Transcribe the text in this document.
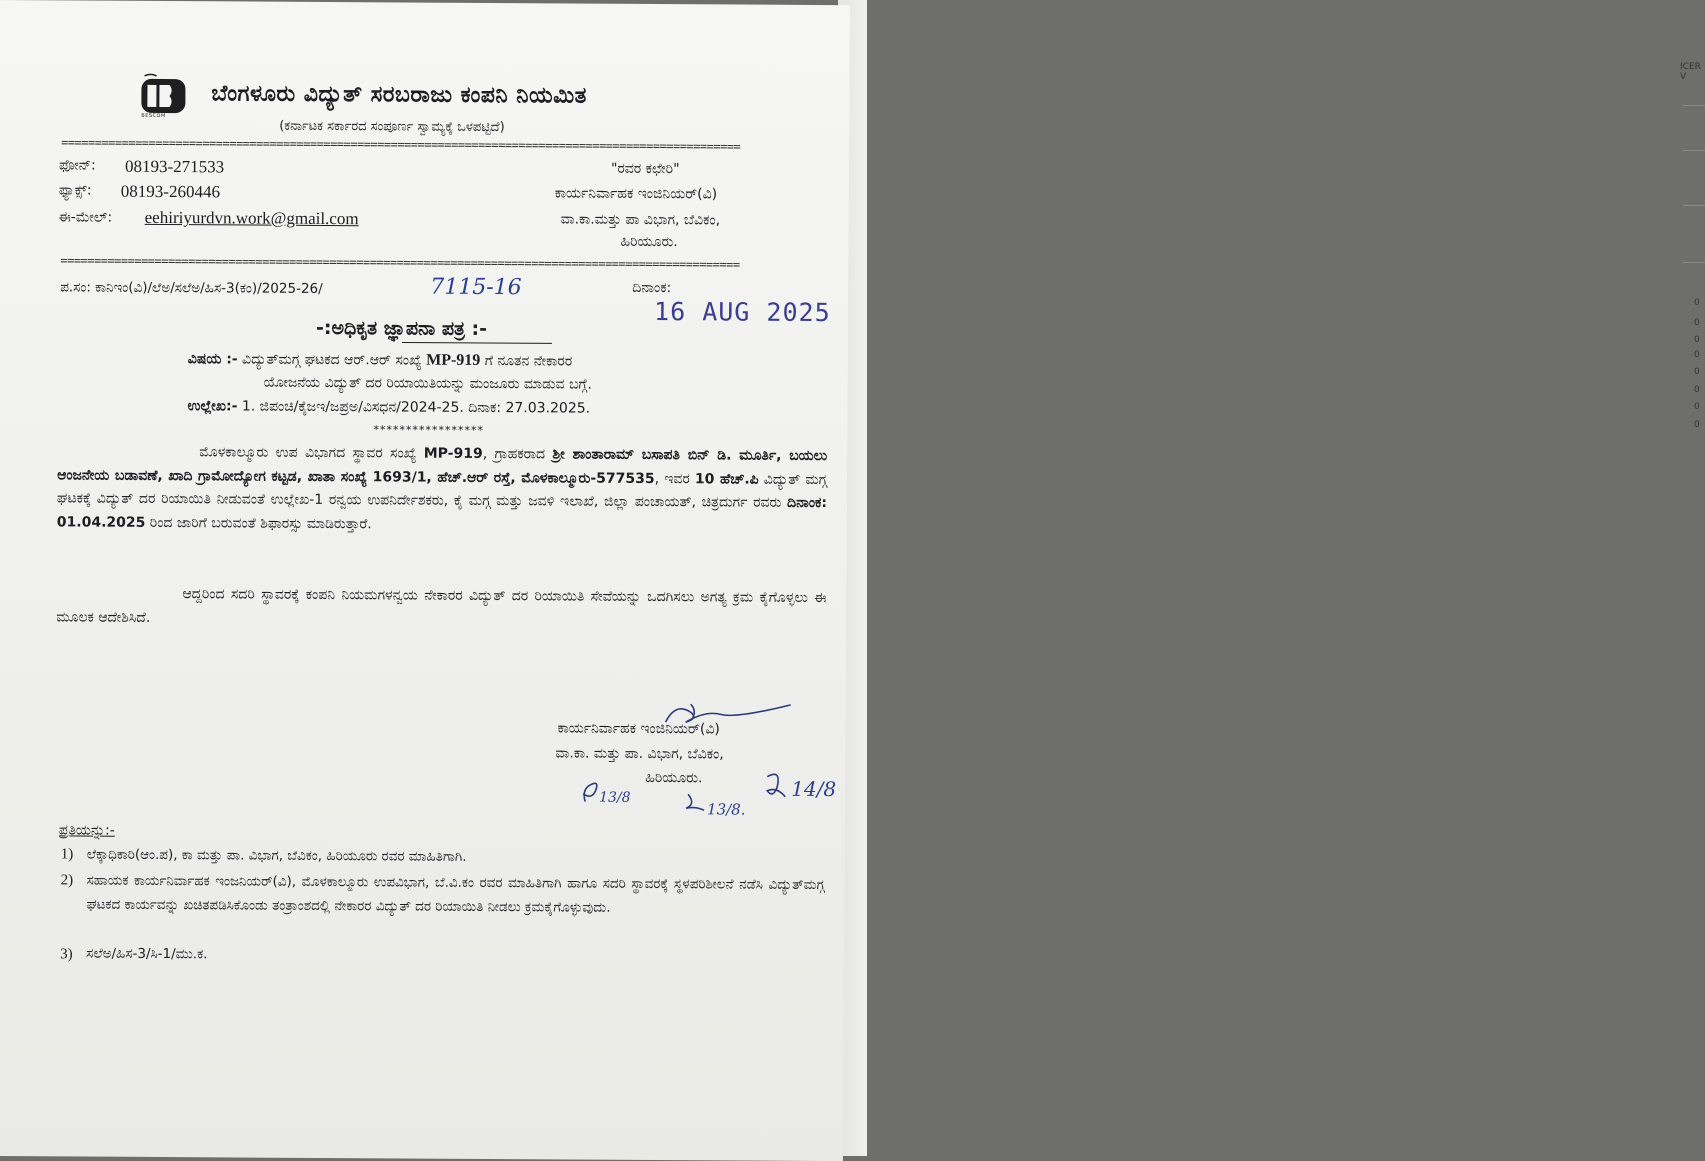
ICER V
0
0
0
0
0
0
0
0
BESCOM
ಬೆಂಗಳೂರು ವಿದ್ಯುತ್ ಸರಬರಾಜು ಕಂಪನಿ ನಿಯಮಿತ
(ಕರ್ನಾಟಕ ಸರ್ಕಾರದ ಸಂಪೂರ್ಣ ಸ್ವಾಮ್ಯಕ್ಕೆ ಒಳಪಟ್ಟಿದೆ)
=====================================================================================================
ಫೋನ್: 08193-271533
ಫ್ಯಾಕ್ಸ್: 08193-260446
ಈ-ಮೇಲ್: eehiriyurdvn.work@gmail.com
"ರವರ ಕಛೇರಿ"
ಕಾರ್ಯನಿರ್ವಾಹಕ ಇಂಜಿನಿಯರ್(ವಿ)
ವಾ.ಕಾ.ಮತ್ತು ಪಾ ವಿಭಾಗ, ಬೆವಿಕಂ,
ಹಿರಿಯೂರು.
=====================================================================================================
ಪ.ಸಂ: ಕಾನಿಇಂ(ವಿ)/ಲೆಅ/ಸಲೆಅ/ಹಿಸ-3(ಕಂ)/2025-26/	7115-16	ದಿನಾಂಕ:
16 AUG 2025
-:ಅಧಿಕೃತ ಜ್ಞಾಪನಾ ಪತ್ರ :-
ವಿಷಯ :- ವಿದ್ಯುತ್‌ಮಗ್ಗ ಘಟಕದ ಆರ್.ಆರ್ ಸಂಖ್ಯೆ MP-919 ಗೆ ನೂತನ ನೇಕಾರರ
ಯೋಜನೆಯ ವಿದ್ಯುತ್ ದರ ರಿಯಾಯಿತಿಯನ್ನು ಮಂಜೂರು ಮಾಡುವ ಬಗ್ಗೆ.
ಉಲ್ಲೇಖ:- 1. ಜಿಪಂಚಿ/ಕೈಜಇ/ಜಪ್ರಅ/ವಿಸಧನ/2024-25. ದಿನಾಕ: 27.03.2025.
*****************
ಮೊಳಕಾಲ್ಮೂರು ಉಪ ವಿಭಾಗದ ಸ್ಥಾವರ ಸಂಖ್ಯೆ MP-919, ಗ್ರಾಹಕರಾದ ಶ್ರೀ ಶಾಂತಾರಾಮ್ ಬಸಾಪತಿ ಬಿನ್ ಡಿ. ಮೂರ್ತಿ, ಬಯಲು ಆಂಜನೇಯ ಬಡಾವಣೆ, ಖಾದಿ ಗ್ರಾಮೋದ್ಯೋಗ ಕಟ್ಟಡ, ಖಾತಾ ಸಂಖ್ಯೆ 1693/1, ಹೆಚ್.ಆರ್ ರಸ್ತೆ, ಮೊಳಕಾಲ್ಮೂರು-577535, ಇವರ 10 ಹೆಚ್.ಪಿ ವಿದ್ಯುತ್ ಮಗ್ಗ ಘಟಕಕ್ಕೆ ವಿದ್ಯುತ್ ದರ ರಿಯಾಯಿತಿ ನೀಡುವಂತೆ ಉಲ್ಲೇಖ-1 ರನ್ವಯ ಉಪನಿರ್ದೇಶಕರು, ಕೈ ಮಗ್ಗ ಮತ್ತು ಜವಳಿ ಇಲಾಖೆ, ಜಿಲ್ಲಾ ಪಂಚಾಯತ್, ಚಿತ್ರದುರ್ಗ ರವರು ದಿನಾಂಕ: 01.04.2025 ರಿಂದ ಜಾರಿಗೆ ಬರುವಂತೆ ಶಿಫಾರಸ್ಸು ಮಾಡಿರುತ್ತಾರೆ.
ಆದ್ದರಿಂದ ಸದರಿ ಸ್ಥಾವರಕ್ಕೆ ಕಂಪನಿ ನಿಯಮಗಳನ್ವಯ ನೇಕಾರರ ವಿದ್ಯುತ್ ದರ ರಿಯಾಯಿತಿ ಸೇವೆಯನ್ನು ಒದಗಿಸಲು ಅಗತ್ಯ ಕ್ರಮ ಕೈಗೊಳ್ಳಲು ಈ ಮೂಲಕ ಆದೇಶಿಸಿದೆ.
ಕಾರ್ಯನಿರ್ವಾಹಕ ಇಂಜಿನಿಯರ್(ವಿ)
ವಾ.ಕಾ. ಮತ್ತು ಪಾ. ವಿಭಾಗ, ಬೆವಿಕಂ,
ಹಿರಿಯೂರು.
13/8
13/8.
14/8
ಪ್ರತಿಯನ್ನು:-
1) ಲೆಕ್ಕಾಧಿಕಾರಿ(ಆಂ.ಪ), ಕಾ ಮತ್ತು ಪಾ. ವಿಭಾಗ, ಬೆವಿಕಂ, ಹಿರಿಯೂರು ರವರ ಮಾಹಿತಿಗಾಗಿ.
2) ಸಹಾಯಕ ಕಾರ್ಯನಿರ್ವಾಹಕ ಇಂಜನಿಯರ್(ವಿ), ಮೊಳಕಾಲ್ಮೂರು ಉಪವಿಭಾಗ, ಬೆ.ವಿ.ಕಂ ರವರ ಮಾಹಿತಿಗಾಗಿ ಹಾಗೂ ಸದರಿ ಸ್ಥಾವರಕ್ಕೆ ಸ್ಥಳಪರಿಶೀಲನೆ ನಡೆಸಿ ವಿದ್ಯುತ್‌ಮಗ್ಗ ಘಟಕದ ಕಾರ್ಯವನ್ನು ಖಚಿತಪಡಿಸಿಕೊಂಡು ತಂತ್ರಾಂಶದಲ್ಲಿ ನೇಕಾರರ ವಿದ್ಯುತ್ ದರ ರಿಯಾಯಿತಿ ನೀಡಲು ಕ್ರಮಕೈಗೊಳ್ಳುವುದು.
3) ಸಲೆಅ/ಹಿಸ-3/ಸಿ-1/ಮು.ಕ.
